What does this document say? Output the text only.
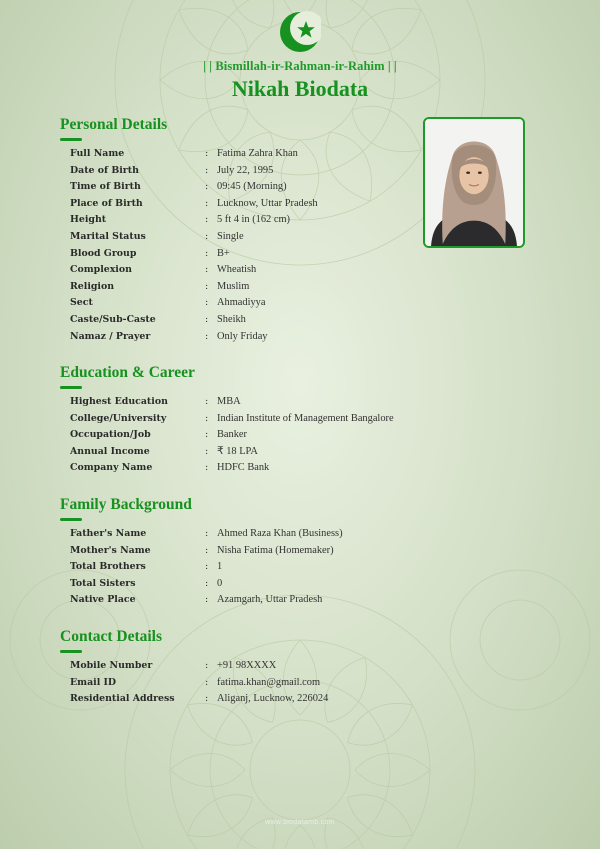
| | Bismillah-ir-Rahman-ir-Rahim | |
Nikah Biodata
Personal Details
Full Name	: Fatima Zahra Khan
Date of Birth	: July 22, 1995
Time of Birth	: 09:45 (Morning)
Place of Birth	: Lucknow, Uttar Pradesh
Height	: 5 ft 4 in (162 cm)
Marital Status	: Single
Blood Group	: B+
Complexion	: Wheatish
Religion	: Muslim
Sect	: Ahmadiyya
Caste/Sub-Caste	: Sheikh
Namaz / Prayer	: Only Friday
Education & Career
Highest Education	: MBA
College/University	: Indian Institute of Management Bangalore
Occupation/Job	: Banker
Annual Income	: ₹ 18 LPA
Company Name	: HDFC Bank
Family Background
Father's Name	: Ahmed Raza Khan (Business)
Mother's Name	: Nisha Fatima (Homemaker)
Total Brothers	: 1
Total Sisters	: 0
Native Place	: Azamgarh, Uttar Pradesh
Contact Details
Mobile Number	: +91 98XXXX
Email ID	: fatima.khan@gmail.com
Residential Address	: Aliganj, Lucknow, 226024
www.biodatamb.com
